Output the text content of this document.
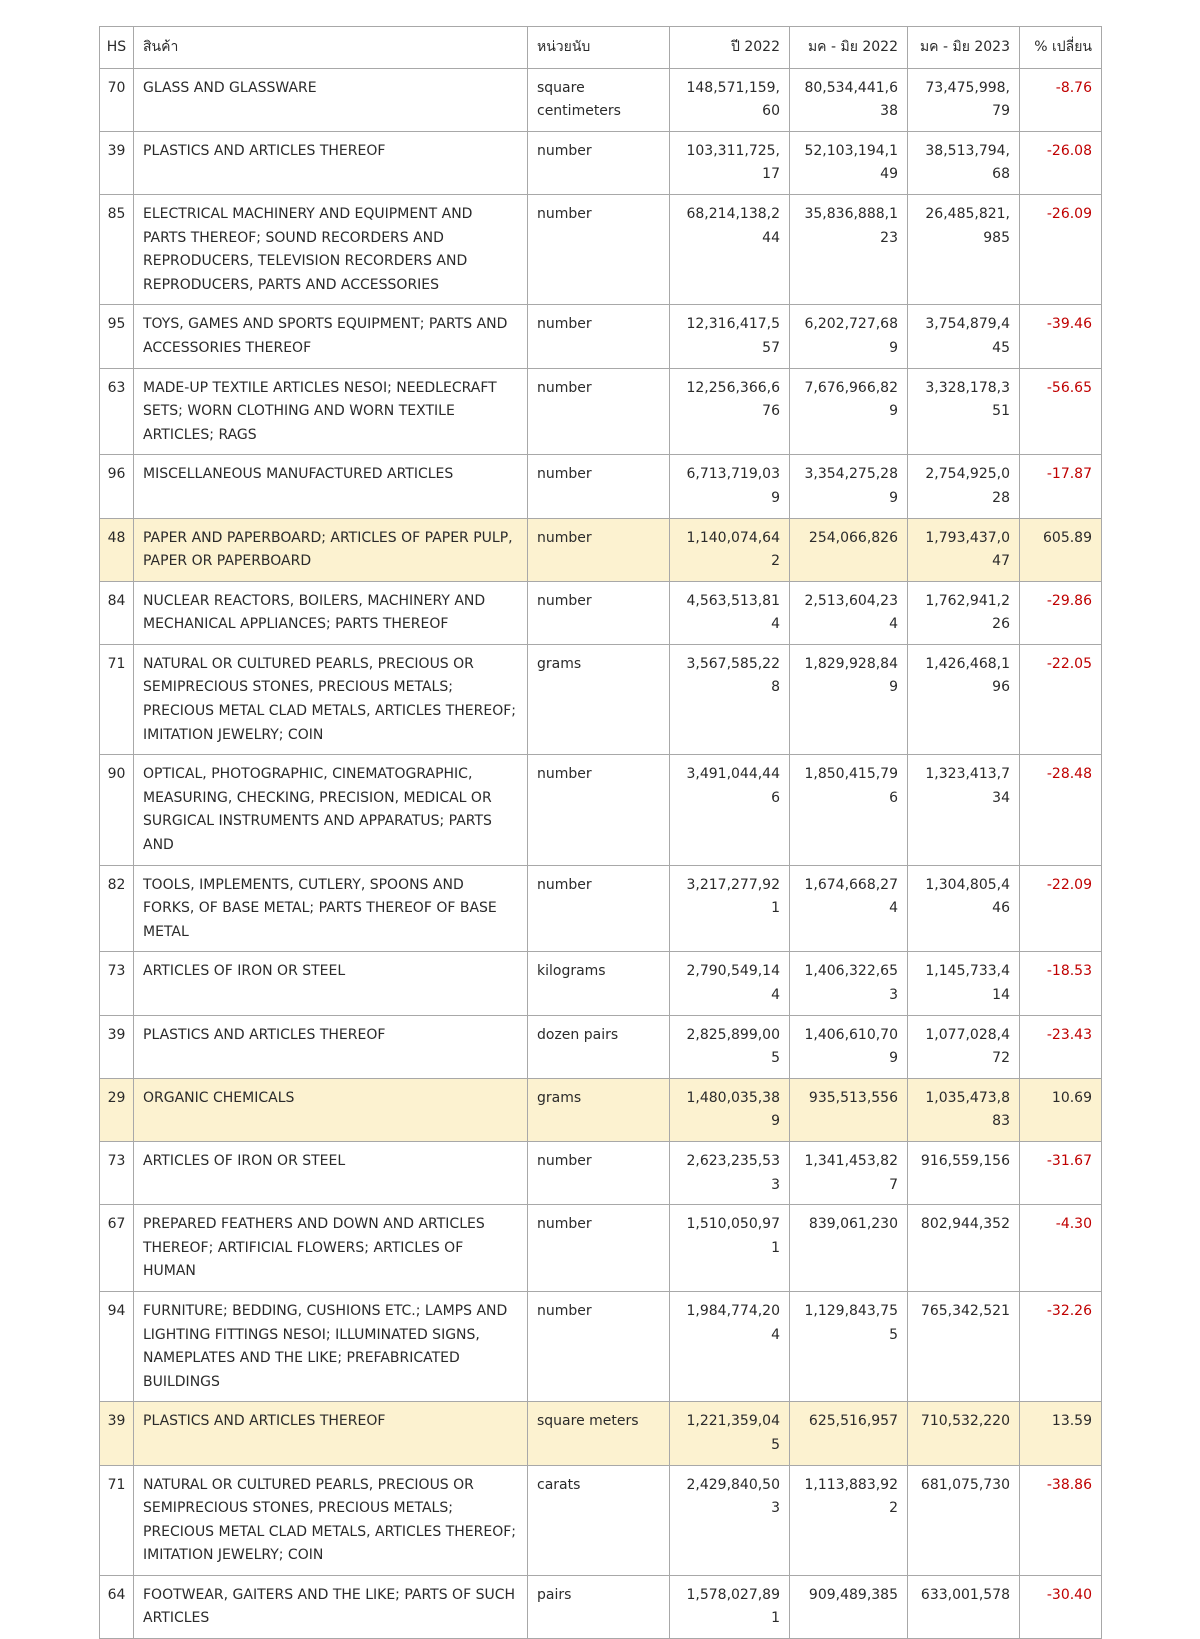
HS	สินค้า	หน่วยนับ	ปี 2022	มค - มิย 2022	มค - มิย 2023	% เปลี่ยน
70	GLASS AND GLASSWARE	square centimeters	148,571,159,60	80,534,441,638	73,475,998,79	-8.76
39	PLASTICS AND ARTICLES THEREOF	number	103,311,725,17	52,103,194,149	38,513,794,68	-26.08
85	ELECTRICAL MACHINERY AND EQUIPMENT AND PARTS THEREOF; SOUND RECORDERS AND REPRODUCERS, TELEVISION RECORDERS AND REPRODUCERS, PARTS AND ACCESSORIES	number	68,214,138,244	35,836,888,123	26,485,821,985	-26.09
95	TOYS, GAMES AND SPORTS EQUIPMENT; PARTS AND ACCESSORIES THEREOF	number	12,316,417,557	6,202,727,689	3,754,879,445	-39.46
63	MADE-UP TEXTILE ARTICLES NESOI; NEEDLECRAFT SETS; WORN CLOTHING AND WORN TEXTILE ARTICLES; RAGS	number	12,256,366,676	7,676,966,829	3,328,178,351	-56.65
96	MISCELLANEOUS MANUFACTURED ARTICLES	number	6,713,719,039	3,354,275,289	2,754,925,028	-17.87
48	PAPER AND PAPERBOARD; ARTICLES OF PAPER PULP, PAPER OR PAPERBOARD	number	1,140,074,642	254,066,826	1,793,437,047	605.89
84	NUCLEAR REACTORS, BOILERS, MACHINERY AND MECHANICAL APPLIANCES; PARTS THEREOF	number	4,563,513,814	2,513,604,234	1,762,941,226	-29.86
71	NATURAL OR CULTURED PEARLS, PRECIOUS OR SEMIPRECIOUS STONES, PRECIOUS METALS; PRECIOUS METAL CLAD METALS, ARTICLES THEREOF; IMITATION JEWELRY; COIN	grams	3,567,585,228	1,829,928,849	1,426,468,196	-22.05
90	OPTICAL, PHOTOGRAPHIC, CINEMATOGRAPHIC, MEASURING, CHECKING, PRECISION, MEDICAL OR SURGICAL INSTRUMENTS AND APPARATUS; PARTS AND	number	3,491,044,446	1,850,415,796	1,323,413,734	-28.48
82	TOOLS, IMPLEMENTS, CUTLERY, SPOONS AND FORKS, OF BASE METAL; PARTS THEREOF OF BASE METAL	number	3,217,277,921	1,674,668,274	1,304,805,446	-22.09
73	ARTICLES OF IRON OR STEEL	kilograms	2,790,549,144	1,406,322,653	1,145,733,414	-18.53
39	PLASTICS AND ARTICLES THEREOF	dozen pairs	2,825,899,005	1,406,610,709	1,077,028,472	-23.43
29	ORGANIC CHEMICALS	grams	1,480,035,389	935,513,556	1,035,473,883	10.69
73	ARTICLES OF IRON OR STEEL	number	2,623,235,533	1,341,453,827	916,559,156	-31.67
67	PREPARED FEATHERS AND DOWN AND ARTICLES THEREOF; ARTIFICIAL FLOWERS; ARTICLES OF HUMAN	number	1,510,050,971	839,061,230	802,944,352	-4.30
94	FURNITURE; BEDDING, CUSHIONS ETC.; LAMPS AND LIGHTING FITTINGS NESOI; ILLUMINATED SIGNS, NAMEPLATES AND THE LIKE; PREFABRICATED BUILDINGS	number	1,984,774,204	1,129,843,755	765,342,521	-32.26
39	PLASTICS AND ARTICLES THEREOF	square meters	1,221,359,045	625,516,957	710,532,220	13.59
71	NATURAL OR CULTURED PEARLS, PRECIOUS OR SEMIPRECIOUS STONES, PRECIOUS METALS; PRECIOUS METAL CLAD METALS, ARTICLES THEREOF; IMITATION JEWELRY; COIN	carats	2,429,840,503	1,113,883,922	681,075,730	-38.86
64	FOOTWEAR, GAITERS AND THE LIKE; PARTS OF SUCH ARTICLES	pairs	1,578,027,891	909,489,385	633,001,578	-30.40
